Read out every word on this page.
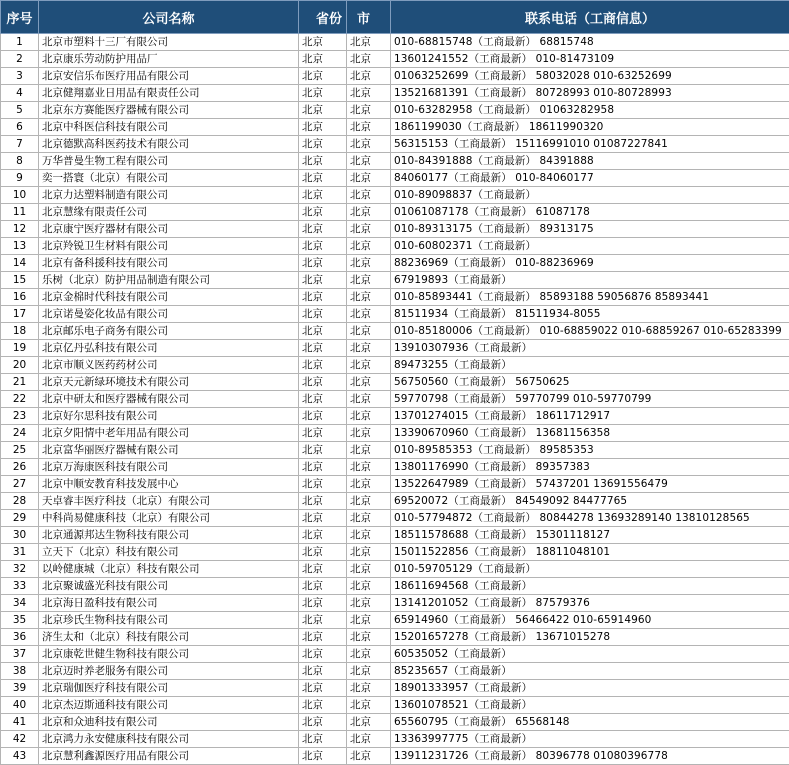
序号	公司名称	省份	市	联系电话（工商信息）
1	北京市塑料十三厂有限公司	北京	北京	010-68815748（工商最新） 68815748
2	北京康乐劳动防护用品厂	北京	北京	13601241552（工商最新） 010-81473109
3	北京安信乐布医疗用品有限公司	北京	北京	01063252699（工商最新） 58032028 010-63252699
4	北京健翔嘉业日用品有限责任公司	北京	北京	13521681391（工商最新） 80728993 010-80728993
5	北京东方赛能医疗器械有限公司	北京	北京	010-63282958（工商最新） 01063282958
6	北京中科医信科技有限公司	北京	北京	1861199030（工商最新） 18611990320
7	北京德默高科医药技术有限公司	北京	北京	56315153（工商最新） 15116991010 01087227841
8	万华普曼生物工程有限公司	北京	北京	010-84391888（工商最新） 84391888
9	奕一搭寰（北京）有限公司	北京	北京	84060177（工商最新） 010-84060177
10	北京力达塑料制造有限公司	北京	北京	010-89098837（工商最新）
11	北京慧缘有限责任公司	北京	北京	01061087178（工商最新） 61087178
12	北京康宁医疗器材有限公司	北京	北京	010-89313175（工商最新） 89313175
13	北京羚锐卫生材料有限公司	北京	北京	010-60802371（工商最新）
14	北京有备科援科技有限公司	北京	北京	88236969（工商最新） 010-88236969
15	乐树（北京）防护用品制造有限公司	北京	北京	67919893（工商最新）
16	北京金棉时代科技有限公司	北京	北京	010-85893441（工商最新） 85893188 59056876 85893441
17	北京诺曼姿化妆品有限公司	北京	北京	81511934（工商最新） 81511934-8055
18	北京邮乐电子商务有限公司	北京	北京	010-85180006（工商最新） 010-68859022 010-68859267 010-65283399
19	北京亿丹弘科技有限公司	北京	北京	13910307936（工商最新）
20	北京市顺义医药药材公司	北京	北京	89473255（工商最新）
21	北京天元新绿环境技术有限公司	北京	北京	56750560（工商最新） 56750625
22	北京中研太和医疗器械有限公司	北京	北京	59770798（工商最新） 59770799 010-59770799
23	北京好尔思科技有限公司	北京	北京	13701274015（工商最新） 18611712917
24	北京夕阳情中老年用品有限公司	北京	北京	13390670960（工商最新） 13681156358
25	北京富华丽医疗器械有限公司	北京	北京	010-89585353（工商最新） 89585353
26	北京万海康医科技有限公司	北京	北京	13801176990（工商最新） 89357383
27	北京中顺安教育科技发展中心	北京	北京	13522647989（工商最新） 57437201 13691556479
28	天卓睿丰医疗科技（北京）有限公司	北京	北京	69520072（工商最新） 84549092 84477765
29	中科尚易健康科技（北京）有限公司	北京	北京	010-57794872（工商最新） 80844278 13693289140 13810128565
30	北京通源邦达生物科技有限公司	北京	北京	18511578688（工商最新） 15301118127
31	立天下（北京）科技有限公司	北京	北京	15011522856（工商最新） 18811048101
32	以岭健康城（北京）科技有限公司	北京	北京	010-59705129（工商最新）
33	北京聚诚盛光科技有限公司	北京	北京	18611694568（工商最新）
34	北京海日盈科技有限公司	北京	北京	13141201052（工商最新） 87579376
35	北京珍氏生物科技有限公司	北京	北京	65914960（工商最新） 56466422 010-65914960
36	济生太和（北京）科技有限公司	北京	北京	15201657278（工商最新） 13671015278
37	北京康乾世健生物科技有限公司	北京	北京	60535052（工商最新）
38	北京迈时养老服务有限公司	北京	北京	85235657（工商最新）
39	北京瑞伽医疗科技有限公司	北京	北京	18901333957（工商最新）
40	北京杰迈斯通科技有限公司	北京	北京	13601078521（工商最新）
41	北京和众迪科技有限公司	北京	北京	65560795（工商最新） 65568148
42	北京鸿力永安健康科技有限公司	北京	北京	13363997775（工商最新）
43	北京慧利鑫源医疗用品有限公司	北京	北京	13911231726（工商最新） 80396778 01080396778
